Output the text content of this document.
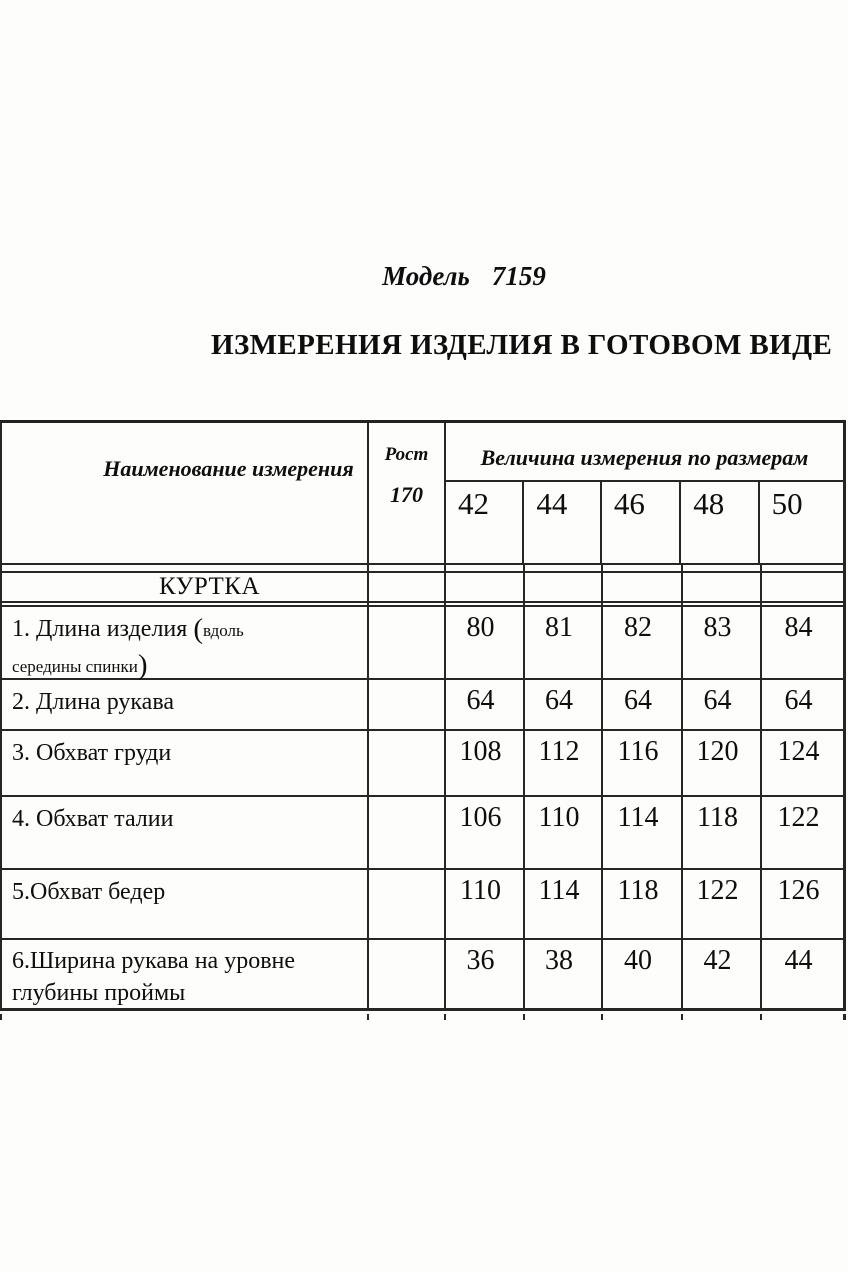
Модель 7159
ИЗМЕРЕНИЯ ИЗДЕЛИЯ В ГОТОВОМ ВИДЕ
Наименование измерения
Рост
170
Величина измерения по размерам
42	44	46	48	50
КУРТКА
1. Длина изделия (вдоль
середины спинки)
80	81	82	83	84
2. Длина рукава	64	64	64	64	64
3. Обхват груди	108	112	116	120	124
4. Обхват талии	106	110	114	118	122
5.Обхват бедер	110	114	118	122	126
6.Ширина рукава на уровне
глубины проймы
36	38	40	42	44
